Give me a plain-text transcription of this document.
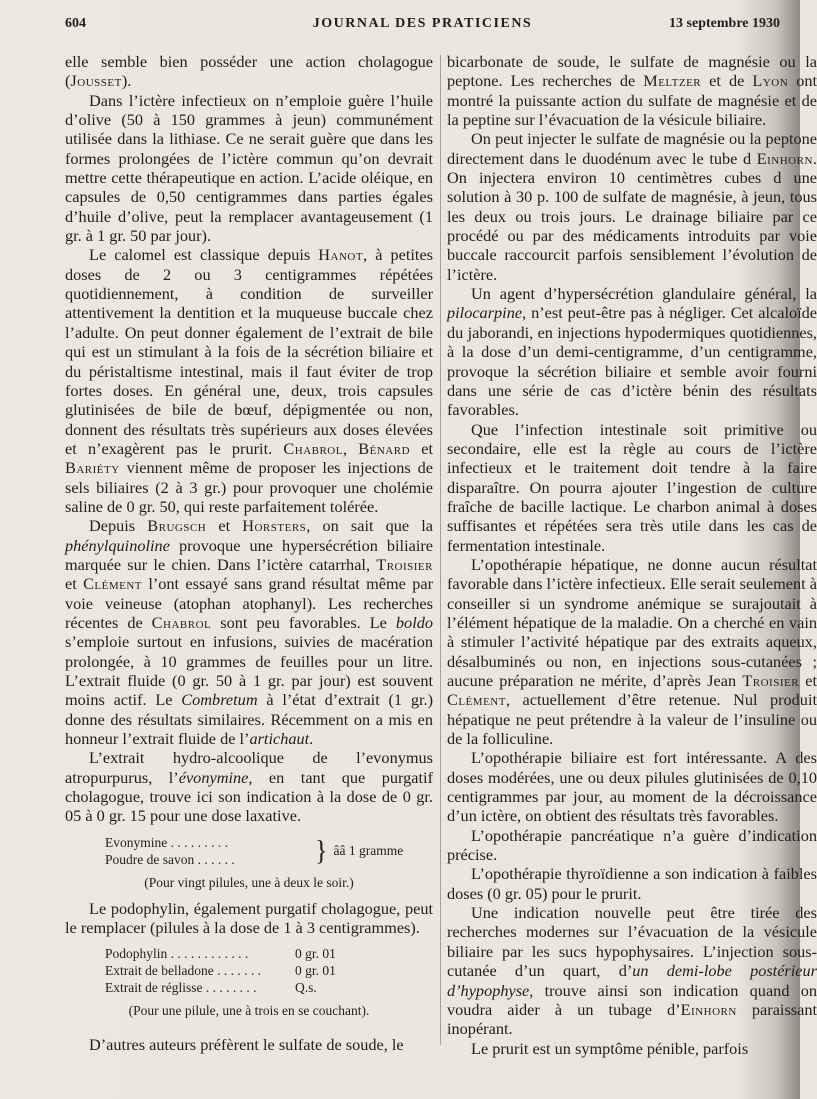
604	JOURNAL DES PRATICIENS	13 septembre 1930

elle semble bien posséder une action cholagogue (Jousset).

Dans l’ictère infectieux on n’emploie guère l’huile d’olive (50 à 150 grammes à jeun) communément utilisée dans la lithiase. Ce ne serait guère que dans les formes prolongées de l’ictère commun qu’on devrait mettre cette thérapeutique en action. L’acide oléique, en capsules de 0,50 centigrammes dans parties égales d’huile d’olive, peut la remplacer avantageusement (1 gr. à 1 gr. 50 par jour).

Le calomel est classique depuis Hanot, à petites doses de 2 ou 3 centigrammes répétées quotidiennement, à condition de surveiller attentivement la dentition et la muqueuse buccale chez l’adulte. On peut donner également de l’extrait de bile qui est un stimulant à la fois de la sécrétion biliaire et du péristaltisme intestinal, mais il faut éviter de trop fortes doses. En général une, deux, trois capsules glutinisées de bile de bœuf, dépigmentée ou non, donnent des résultats très supérieurs aux doses élevées et n’exagèrent pas le prurit. Chabrol, Bénard et Bariéty viennent même de proposer les injections de sels biliaires (2 à 3 gr.) pour provoquer une cholémie saline de 0 gr. 50, qui reste parfaitement tolérée.

Depuis Brugsch et Horsters, on sait que la phénylquinoline provoque une hypersécrétion biliaire marquée sur le chien. Dans l’ictère catarrhal, Troisier et Clément l’ont essayé sans grand résultat même par voie veineuse (atophan atophanyl). Les recherches récentes de Chabrol sont peu favorables. Le boldo s’emploie surtout en infusions, suivies de macération prolongée, à 10 grammes de feuilles pour un litre. L’extrait fluide (0 gr. 50 à 1 gr. par jour) est souvent moins actif. Le Combretum à l’état d’extrait (1 gr.) donne des résultats similaires. Récemment on a mis en honneur l’extrait fluide de l’artichaut.

L’extrait hydro-alcoolique de l’evonymus atropurpurus, l’évonymine, en tant que purgatif cholagogue, trouve ici son indication à la dose de 0 gr. 05 à 0 gr. 15 pour une dose laxative.

Evonymine . . . . . . . . .
Poudre de savon . . . . . .	} ââ 1 gramme
(Pour vingt pilules, une à deux le soir.)

Le podophylin, également purgatif cholagogue, peut le remplacer (pilules à la dose de 1 à 3 centigrammes).

Podophylin . . . . . . . . . . . .	0 gr. 01
Extrait de belladone . . . . . . .	0 gr. 01
Extrait de réglisse . . . . . . . .	Q.s.
(Pour une pilule, une à trois en se couchant).

D’autres auteurs préfèrent le sulfate de soude, le

bicarbonate de soude, le sulfate de magnésie ou la peptone. Les recherches de Meltzer et de Lyon ont montré la puissante action du sulfate de magnésie et de la peptine sur l’évacuation de la vésicule biliaire.

On peut injecter le sulfate de magnésie ou la peptone directement dans le duodénum avec le tube d Einhorn. On injectera environ 10 centimètres cubes d une solution à 30 p. 100 de sulfate de magnésie, à jeun, tous les deux ou trois jours. Le drainage biliaire par ce procédé ou par des médicaments introduits par voie buccale raccourcit parfois sensiblement l’évolution de l’ictère.

Un agent d’hypersécrétion glandulaire général, la pilocarpine, n’est peut-être pas à négliger. Cet alcaloïde du jaborandi, en injections hypodermiques quotidiennes, à la dose d’un demi-centigramme, d’un centigramme, provoque la sécrétion biliaire et semble avoir fourni dans une série de cas d’ictère bénin des résultats favorables.

Que l’infection intestinale soit primitive ou secondaire, elle est la règle au cours de l’ictère infectieux et le traitement doit tendre à la faire disparaître. On pourra ajouter l’ingestion de culture fraîche de bacille lactique. Le charbon animal à doses suffisantes et répétées sera très utile dans les cas de fermentation intestinale.

L’opothérapie hépatique, ne donne aucun résultat favorable dans l’ictère infectieux. Elle serait seulement à conseiller si un syndrome anémique se surajoutait à l’élément hépatique de la maladie. On a cherché en vain à stimuler l’activité hépatique par des extraits aqueux, désalbuminés ou non, en injections sous-cutanées ; aucune préparation ne mérite, d’après Jean Troisier et Clément, actuellement d’être retenue. Nul produit hépatique ne peut prétendre à la valeur de l’insuline ou de la folliculine.

L’opothérapie biliaire est fort intéressante. A des doses modérées, une ou deux pilules glutinisées de 0,10 centigrammes par jour, au moment de la décroissance d’un ictère, on obtient des résultats très favorables.

L’opothérapie pancréatique n’a guère d’indication précise.

L’opothérapie thyroïdienne a son indication à faibles doses (0 gr. 05) pour le prurit.

Une indication nouvelle peut être tirée des recherches modernes sur l’évacuation de la vésicule biliaire par les sucs hypophysaires. L’injection sous-cutanée d’un quart, d’un demi-lobe postérieur d’hypophyse, trouve ainsi son indication quand on voudra aider à un tubage d’Einhorn paraissant inopérant.

Le prurit est un symptôme pénible, parfois
